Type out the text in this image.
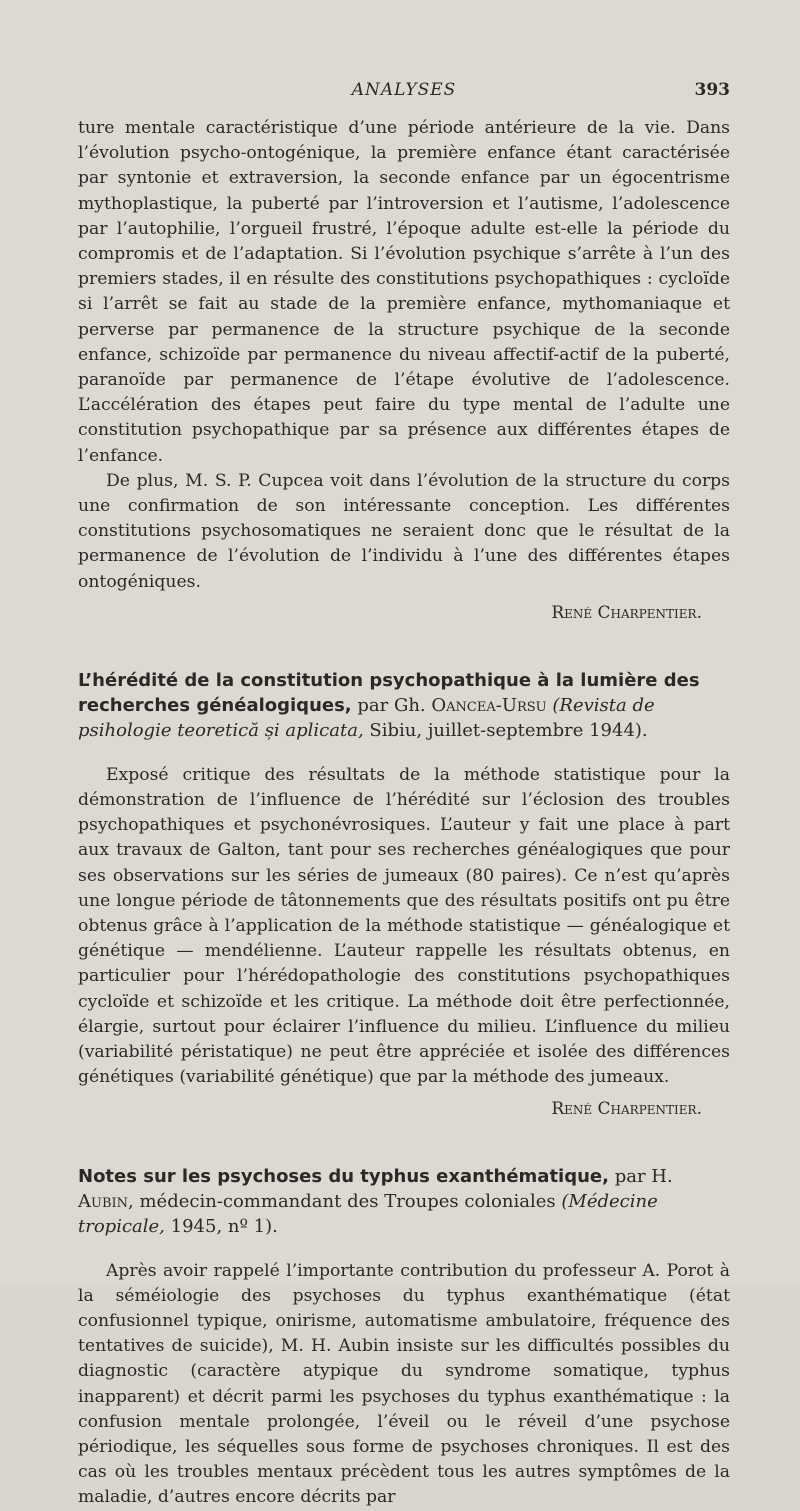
ANALYSES	393

ture mentale caractéristique d’une période antérieure de la vie. Dans l’évolution psycho-ontogénique, la première enfance étant caractérisée par syntonie et extraversion, la seconde enfance par un égocentrisme mythoplastique, la puberté par l’introversion et l’autisme, l’adolescence par l’autophilie, l’orgueil frustré, l’époque adulte est-elle la période du compromis et de l’adaptation. Si l’évolution psychique s’arrête à l’un des premiers stades, il en résulte des constitutions psychopathiques : cycloïde si l’arrêt se fait au stade de la première enfance, mythomaniaque et perverse par permanence de la structure psychique de la seconde enfance, schizoïde par permanence du niveau affectif-actif de la puberté, paranoïde par permanence de l’étape évolutive de l’adolescence. L’accélération des étapes peut faire du type mental de l’adulte une constitution psychopathique par sa présence aux différentes étapes de l’enfance.

De plus, M. S. P. Cupcea voit dans l’évolution de la structure du corps une confirmation de son intéressante conception. Les différentes constitutions psychosomatiques ne seraient donc que le résultat de la permanence de l’évolution de l’individu à l’une des différentes étapes ontogéniques.

René Charpentier.
L’hérédité de la constitution psychopathique à la lumière des recherches généalogiques, par Gh. Oancea-Ursu (Revista de psihologie teoretică și aplicata, Sibiu, juillet-septembre 1944).

Exposé critique des résultats de la méthode statistique pour la démonstration de l’influence de l’hérédité sur l’éclosion des troubles psychopathiques et psychonévrosiques. L’auteur y fait une place à part aux travaux de Galton, tant pour ses recherches généalogiques que pour ses observations sur les séries de jumeaux (80 paires). Ce n’est qu’après une longue période de tâtonnements que des résultats positifs ont pu être obtenus grâce à l’application de la méthode statistique — généalogique et génétique — mendélienne. L’auteur rappelle les résultats obtenus, en particulier pour l’hérédopathologie des constitutions psychopathiques cycloïde et schizoïde et les critique. La méthode doit être perfectionnée, élargie, surtout pour éclairer l’influence du milieu. L’influence du milieu (variabilité péristatique) ne peut être appréciée et isolée des différences génétiques (variabilité génétique) que par la méthode des jumeaux.

René Charpentier.
Notes sur les psychoses du typhus exanthématique, par H. Aubin, médecin-commandant des Troupes coloniales (Médecine tropicale, 1945, nº 1).

Après avoir rappelé l’importante contribution du professeur A. Porot à la séméiologie des psychoses du typhus exanthématique (état confusionnel typique, onirisme, automatisme ambulatoire, fréquence des tentatives de suicide), M. H. Aubin insiste sur les difficultés possibles du diagnostic (caractère atypique du syndrome somatique, typhus inapparent) et décrit parmi les psychoses du typhus exanthématique : la confusion mentale prolongée, l’éveil ou le réveil d’une psychose périodique, les séquelles sous forme de psychoses chroniques. Il est des cas où les troubles mentaux précèdent tous les autres symptômes de la maladie, d’autres encore décrits par
